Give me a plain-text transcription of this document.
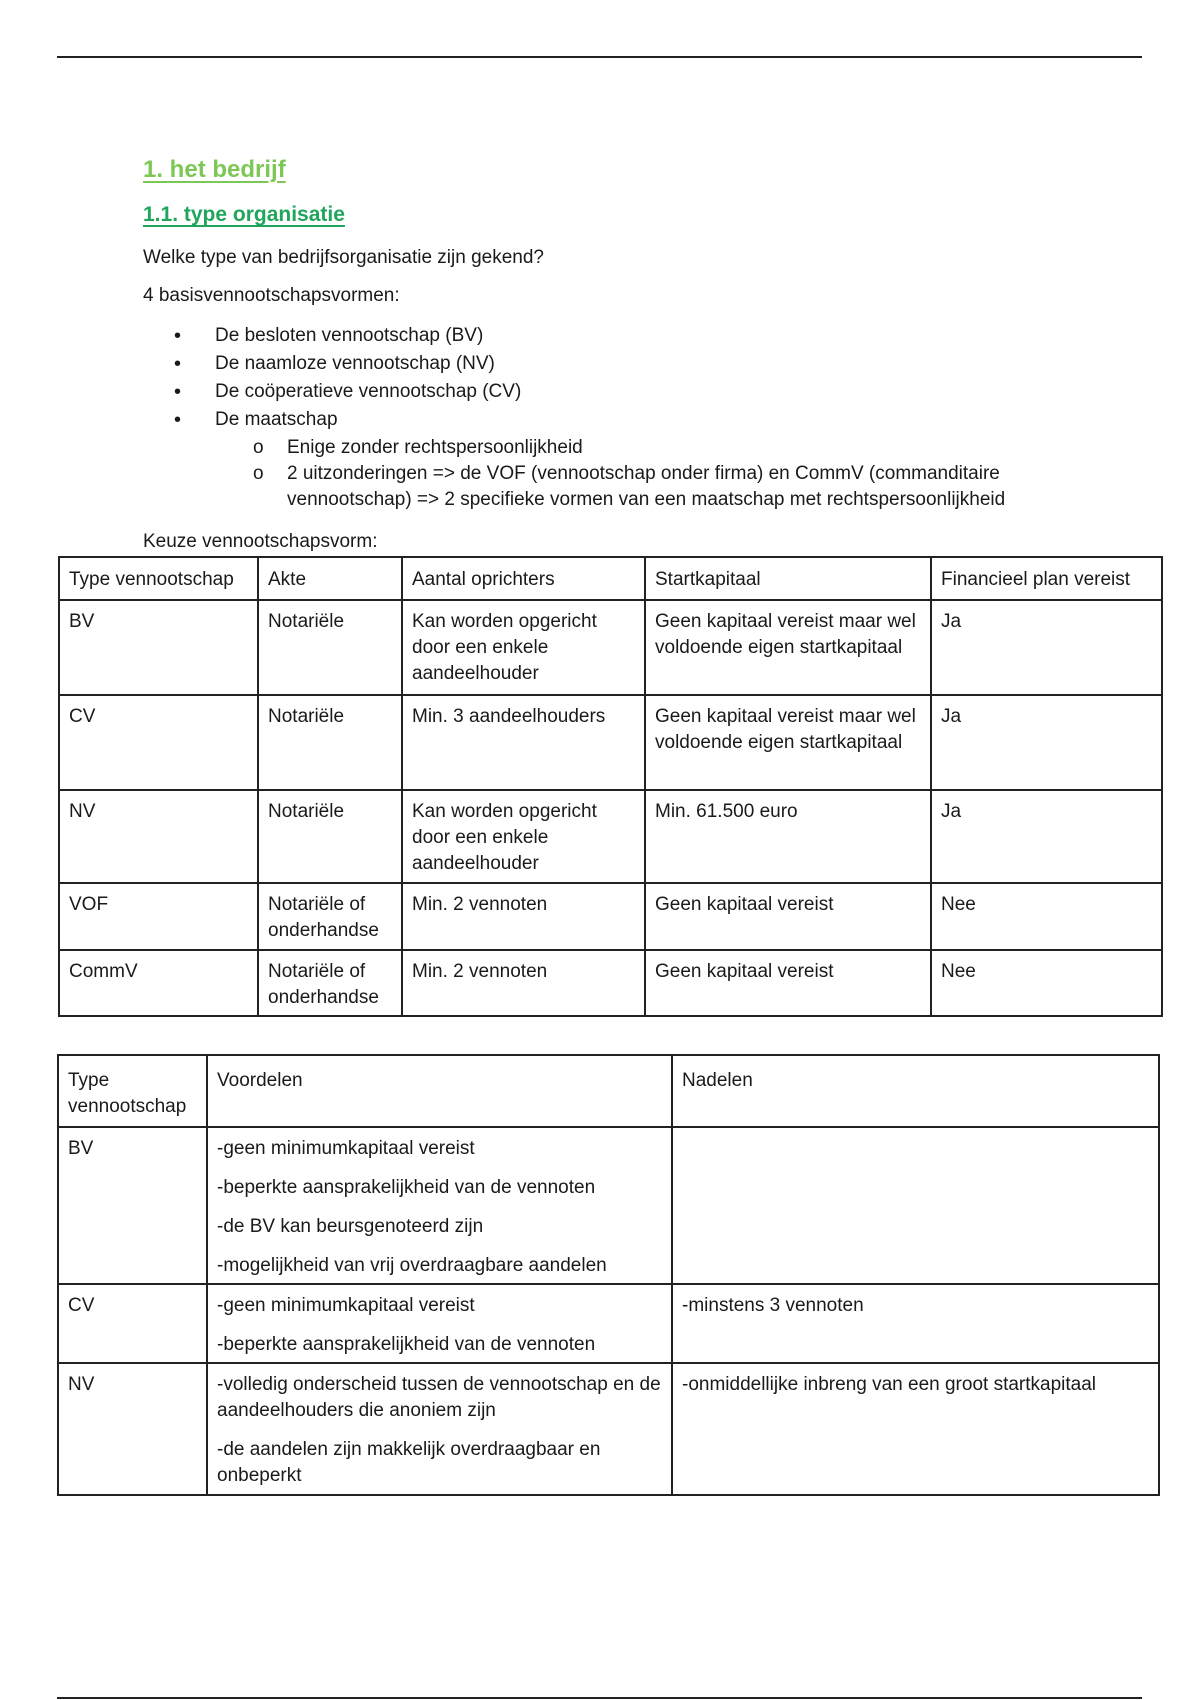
1. het bedrijf
1.1. type organisatie
Welke type van bedrijfsorganisatie zijn gekend?
4 basisvennootschapsvormen:
• De besloten vennootschap (BV)
• De naamloze vennootschap (NV)
• De coöperatieve vennootschap (CV)
• De maatschap
o Enige zonder rechtspersoonlijkheid
o 2 uitzonderingen => de VOF (vennootschap onder firma) en CommV (commanditaire vennootschap) => 2 specifieke vormen van een maatschap met rechtspersoonlijkheid
Keuze vennootschapsvorm:
Type vennootschap	Akte	Aantal oprichters	Startkapitaal	Financieel plan vereist
BV	Notariële	Kan worden opgericht door een enkele aandeelhouder	Geen kapitaal vereist maar wel voldoende eigen startkapitaal	Ja
CV	Notariële	Min. 3 aandeelhouders	Geen kapitaal vereist maar wel voldoende eigen startkapitaal	Ja
NV	Notariële	Kan worden opgericht door een enkele aandeelhouder	Min. 61.500 euro	Ja
VOF	Notariële of onderhandse	Min. 2 vennoten	Geen kapitaal vereist	Nee
CommV	Notariële of onderhandse	Min. 2 vennoten	Geen kapitaal vereist	Nee
Type vennootschap	Voordelen	Nadelen
BV	-geen minimumkapitaal vereist

-beperkte aansprakelijkheid van de vennoten

-de BV kan beursgenoteerd zijn

-mogelijkheid van vrij overdraagbare aandelen	

CV	-geen minimumkapitaal vereist

-beperkte aansprakelijkheid van de vennoten	-minstens 3 vennoten

NV	-volledig onderscheid tussen de vennootschap en de aandeelhouders die anoniem zijn

-de aandelen zijn makkelijk overdraagbaar en onbeperkt	-onmiddellijke inbreng van een groot startkapitaal
